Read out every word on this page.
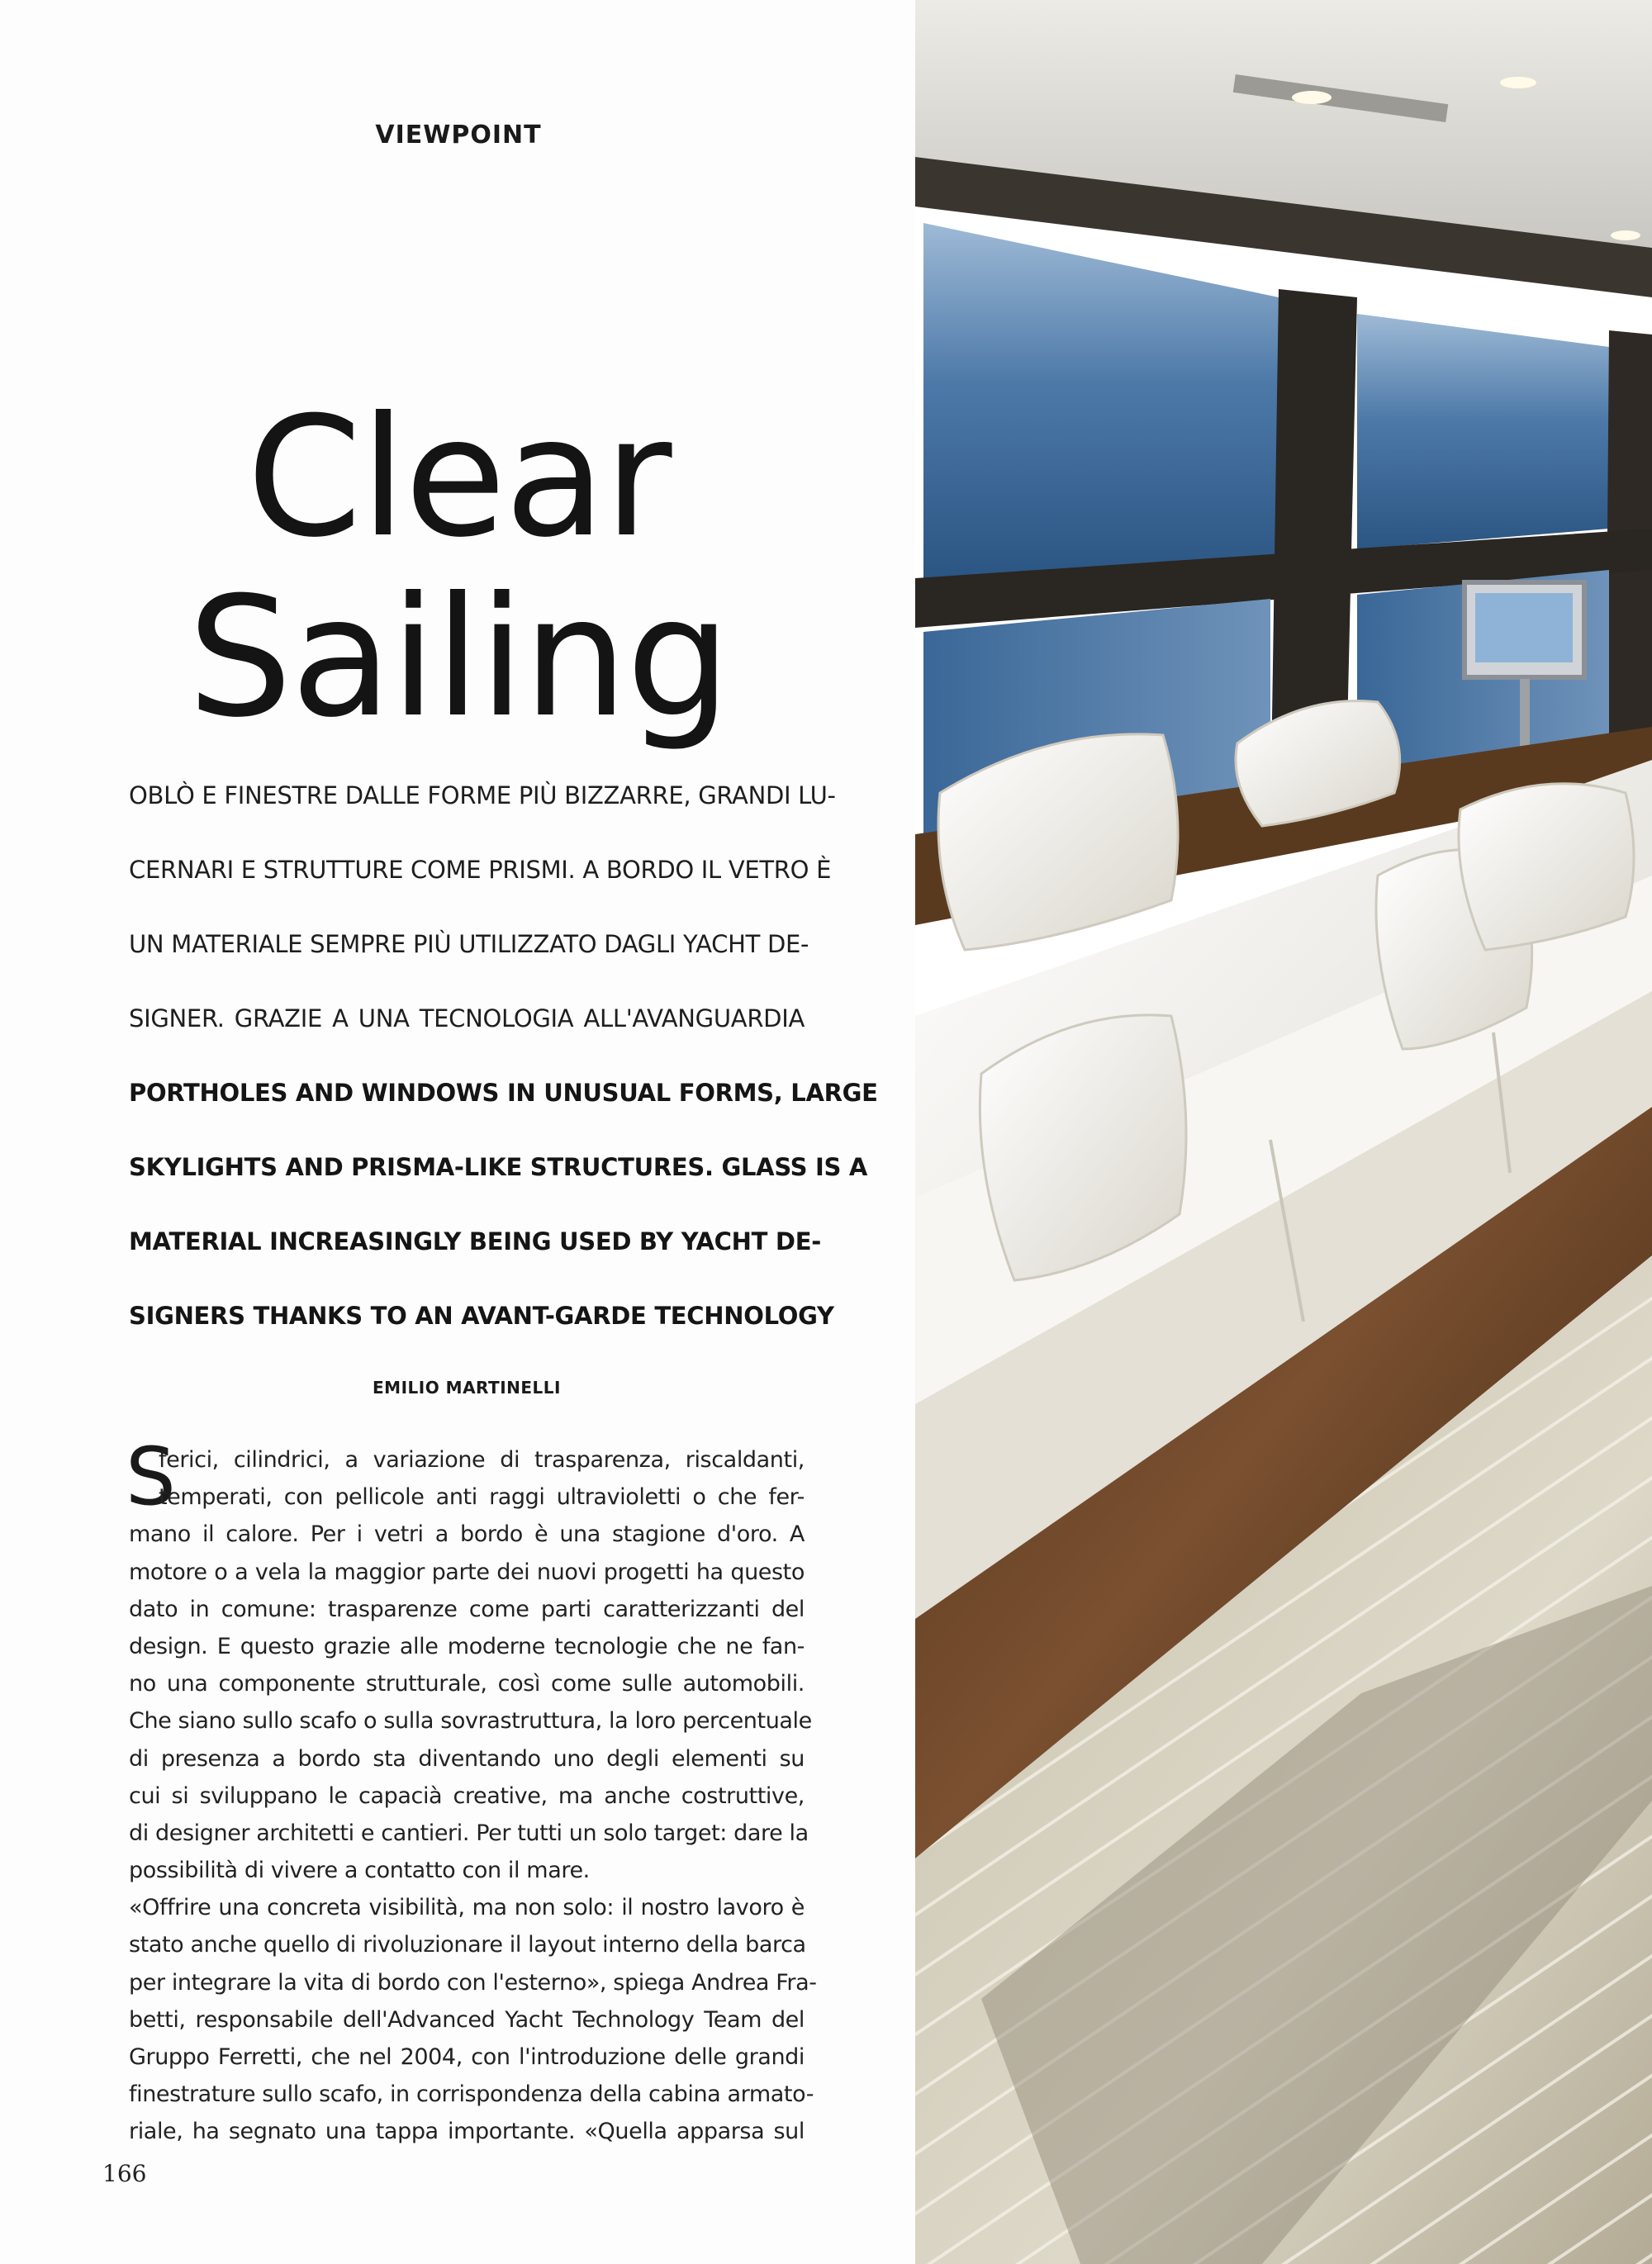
VIEWPOINT
Clear
Sailing
OBLÒ E FINESTRE DALLE FORME PIÙ BIZZARRE, GRANDI LU-
CERNARI E STRUTTURE COME PRISMI. A BORDO IL VETRO È
UN MATERIALE SEMPRE PIÙ UTILIZZATO DAGLI YACHT DE-
SIGNER. GRAZIE A UNA TECNOLOGIA ALL'AVANGUARDIA
PORTHOLES AND WINDOWS IN UNUSUAL FORMS, LARGE
SKYLIGHTS AND PRISMA-LIKE STRUCTURES. GLASS IS A
MATERIAL INCREASINGLY BEING USED BY YACHT DE-
SIGNERS THANKS TO AN AVANT-GARDE TECHNOLOGY
EMILIO MARTINELLI
S
ferici, cilindrici, a variazione di trasparenza, riscaldanti,
temperati, con pellicole anti raggi ultravioletti o che fer-
mano il calore. Per i vetri a bordo è una stagione d'oro. A
motore o a vela la maggior parte dei nuovi progetti ha questo
dato in comune: trasparenze come parti caratterizzanti del
design. E questo grazie alle moderne tecnologie che ne fan-
no una componente strutturale, così come sulle automobili.
Che siano sullo scafo o sulla sovrastruttura, la loro percentuale
di presenza a bordo sta diventando uno degli elementi su
cui si sviluppano le capacià creative, ma anche costruttive,
di designer architetti e cantieri. Per tutti un solo target: dare la
possibilità di vivere a contatto con il mare.
«Offrire una concreta visibilità, ma non solo: il nostro lavoro è
stato anche quello di rivoluzionare il layout interno della barca
per integrare la vita di bordo con l'esterno», spiega Andrea Fra-
betti, responsabile dell'Advanced Yacht Technology Team del
Gruppo Ferretti, che nel 2004, con l'introduzione delle grandi
finestrature sullo scafo, in corrispondenza della cabina armato-
riale, ha segnato una tappa importante. «Quella apparsa sul
166
